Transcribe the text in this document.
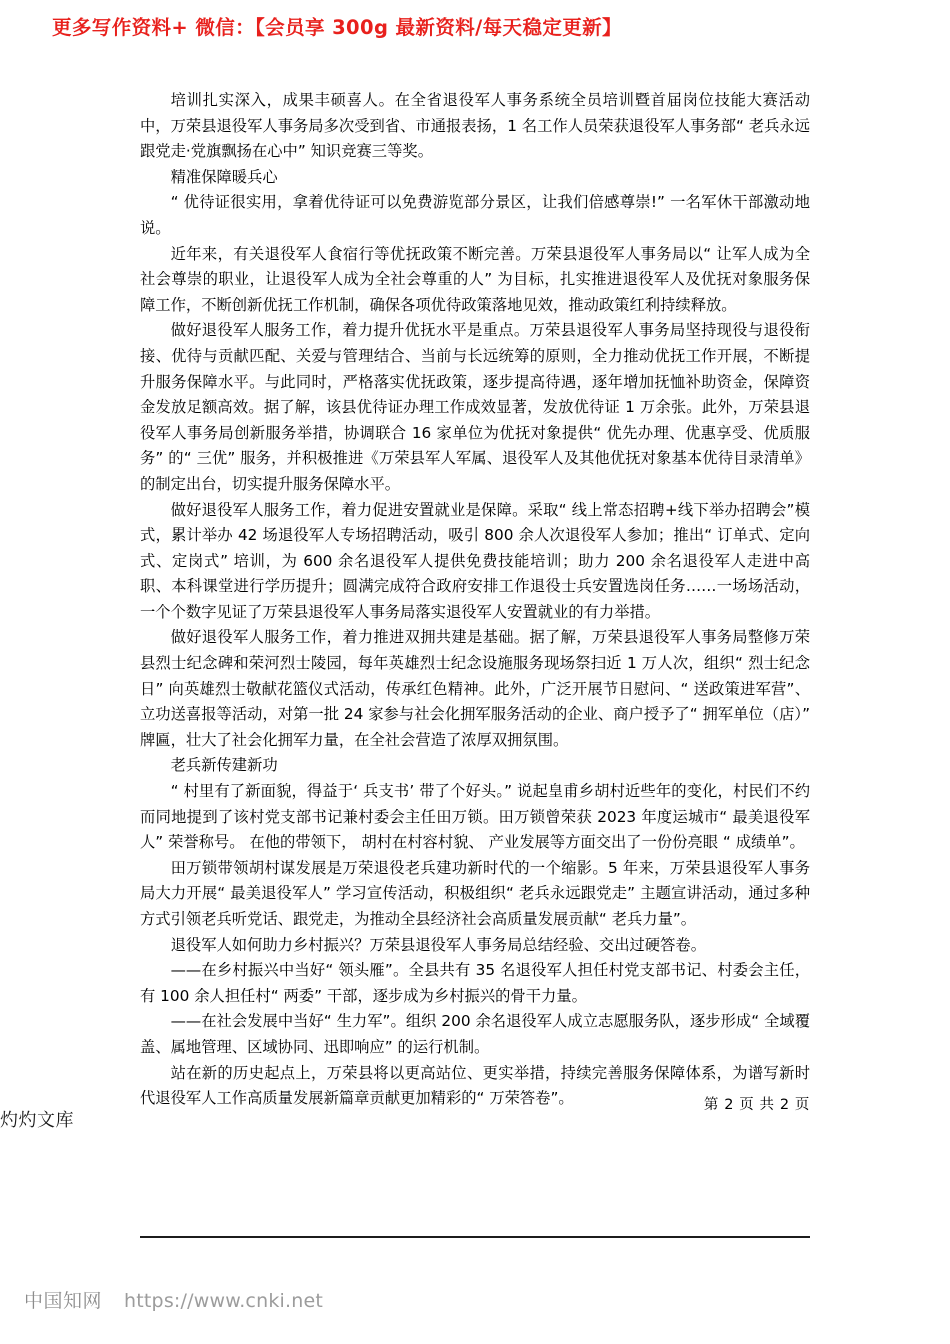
更多写作资料+ 微信：【会员享 300g 最新资料/每天稳定更新】

培训扎实深入，成果丰硕喜人。在全省退役军人事务系统全员培训暨首届岗位技能大赛活动中，万荣县退役军人事务局多次受到省、市通报表扬，1 名工作人员荣获退役军人事务部“ 老兵永远跟党走·党旗飘扬在心中” 知识竞赛三等奖。

精准保障暖兵心

“ 优待证很实用，拿着优待证可以免费游览部分景区，让我们倍感尊崇!” 一名军休干部激动地说。

近年来，有关退役军人食宿行等优抚政策不断完善。万荣县退役军人事务局以“ 让军人成为全社会尊崇的职业，让退役军人成为全社会尊重的人” 为目标，扎实推进退役军人及优抚对象服务保障工作，不断创新优抚工作机制，确保各项优待政策落地见效，推动政策红利持续释放。

做好退役军人服务工作，着力提升优抚水平是重点。万荣县退役军人事务局坚持现役与退役衔接、优待与贡献匹配、关爱与管理结合、当前与长远统筹的原则，全力推动优抚工作开展，不断提升服务保障水平。与此同时，严格落实优抚政策，逐步提高待遇，逐年增加抚恤补助资金，保障资金发放足额高效。据了解，该县优待证办理工作成效显著，发放优待证 1 万余张。此外，万荣县退役军人事务局创新服务举措，协调联合 16 家单位为优抚对象提供“ 优先办理、优惠享受、优质服务” 的“ 三优” 服务，并积极推进《万荣县军人军属、退役军人及其他优抚对象基本优待目录清单》的制定出台，切实提升服务保障水平。

做好退役军人服务工作，着力促进安置就业是保障。采取“ 线上常态招聘+线下举办招聘会”模式，累计举办 42 场退役军人专场招聘活动，吸引 800 余人次退役军人参加；推出“ 订单式、定向式、定岗式” 培训，为 600 余名退役军人提供免费技能培训；助力 200 余名退役军人走进中高职、本科课堂进行学历提升；圆满完成符合政府安排工作退役士兵安置选岗任务……一场场活动，一个个数字见证了万荣县退役军人事务局落实退役军人安置就业的有力举措。

做好退役军人服务工作，着力推进双拥共建是基础。据了解，万荣县退役军人事务局整修万荣县烈士纪念碑和荣河烈士陵园，每年英雄烈士纪念设施服务现场祭扫近 1 万人次，组织“ 烈士纪念日” 向英雄烈士敬献花篮仪式活动，传承红色精神。此外，广泛开展节日慰问、“ 送政策进军营”、立功送喜报等活动，对第一批 24 家参与社会化拥军服务活动的企业、商户授予了“ 拥军单位（店）” 牌匾，壮大了社会化拥军力量，在全社会营造了浓厚双拥氛围。

老兵新传建新功

“ 村里有了新面貌，得益于‘ 兵支书’ 带了个好头。” 说起皇甫乡胡村近些年的变化，村民们不约而同地提到了该村党支部书记兼村委会主任田万锁。田万锁曾荣获 2023 年度运城市“ 最美退役军人” 荣誉称号。 在他的带领下， 胡村在村容村貌、 产业发展等方面交出了一份份亮眼 “ 成绩单”。

田万锁带领胡村谋发展是万荣退役老兵建功新时代的一个缩影。5 年来，万荣县退役军人事务局大力开展“ 最美退役军人” 学习宣传活动，积极组织“ 老兵永远跟党走” 主题宣讲活动，通过多种方式引领老兵听党话、跟党走，为推动全县经济社会高质量发展贡献“ 老兵力量”。

退役军人如何助力乡村振兴？万荣县退役军人事务局总结经验、交出过硬答卷。

——在乡村振兴中当好“ 领头雁”。全县共有 35 名退役军人担任村党支部书记、村委会主任，有 100 余人担任村“ 两委” 干部，逐步成为乡村振兴的骨干力量。

——在社会发展中当好“ 生力军”。组织 200 余名退役军人成立志愿服务队，逐步形成“ 全域覆盖、属地管理、区域协同、迅即响应” 的运行机制。

站在新的历史起点上，万荣县将以更高站位、更实举措，持续完善服务保障体系，为谱写新时代退役军人工作高质量发展新篇章贡献更加精彩的“ 万荣答卷”。	第 2 页 共 2 页
灼灼文库
中国知网 https://www.cnki.net
